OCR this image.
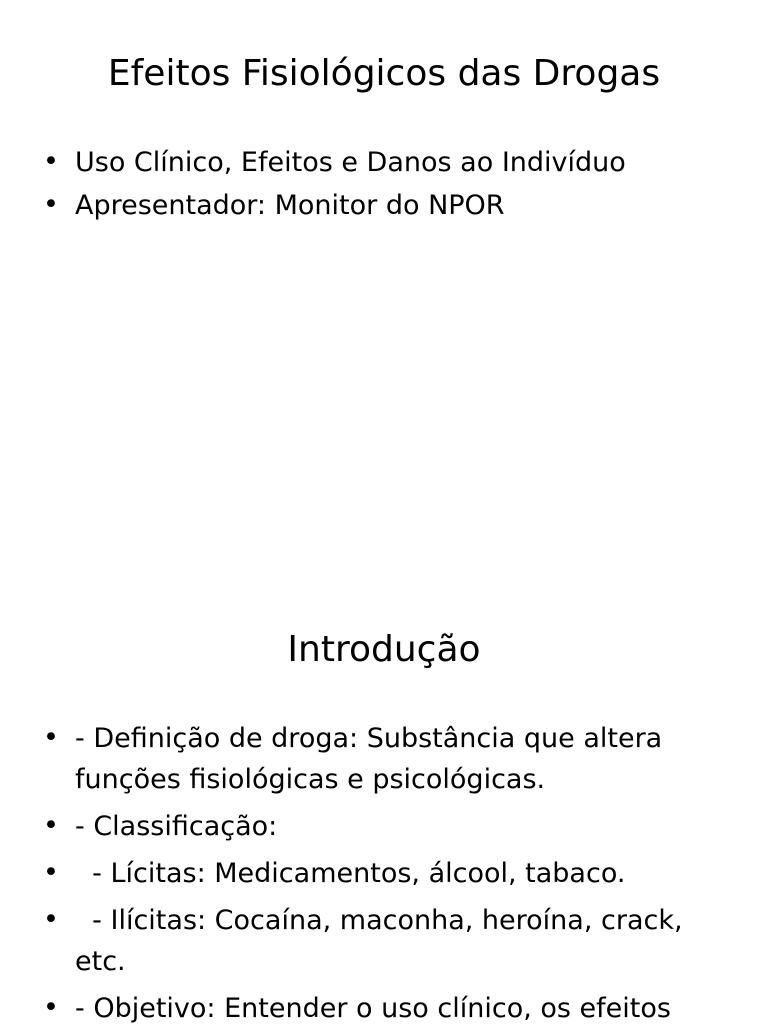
Efeitos Fisiológicos das Drogas
• Uso Clínico, Efeitos e Danos ao Indivíduo
• Apresentador: Monitor do NPOR
Introdução
• - Definição de droga: Substância que altera funções fisiológicas e psicológicas.
• - Classificação:
• - Lícitas: Medicamentos, álcool, tabaco.
• - Ilícitas: Cocaína, maconha, heroína, crack, etc.
• - Objetivo: Entender o uso clínico, os efeitos
